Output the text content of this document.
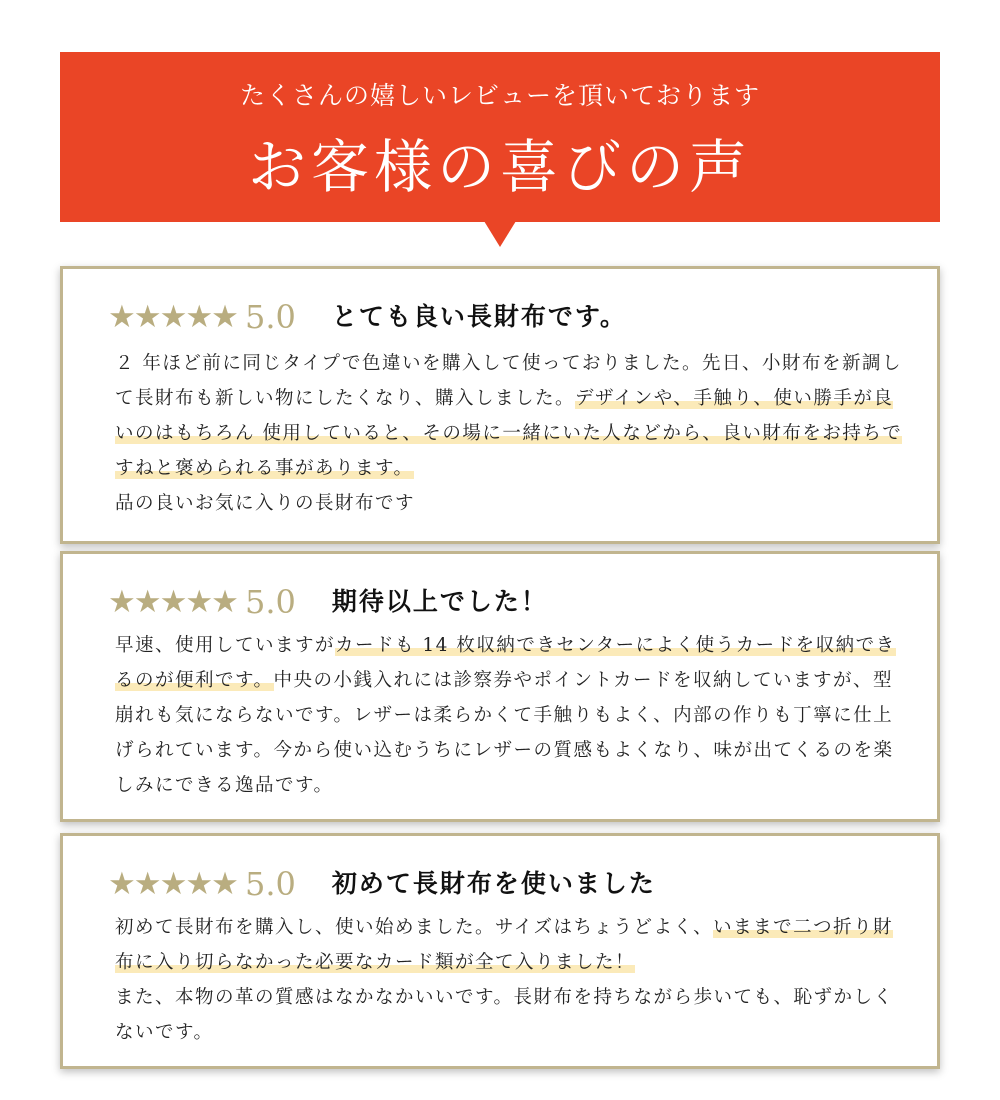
たくさんの嬉しいレビューを頂いております
お客様の喜びの声
★★★★★ 5.0 とても良い長財布です。

２ 年ほど前に同じタイプで色違いを購入して使っておりました。先日、小財布を新調して長財布も新しい物にしたくなり、購入しました。デザインや、手触り、使い勝手が良いのはもちろん 使用していると、その場に一緒にいた人などから、良い財布をお持ちですねと褒められる事があります。

品の良いお気に入りの長財布です

★★★★★ 5.0 期待以上でした！

早速、使用していますがカードも 14 枚収納できセンターによく使うカードを収納できるのが便利です。中央の小銭入れには診察券やポイントカードを収納していますが、型崩れも気にならないです。レザーは柔らかくて手触りもよく、内部の作りも丁寧に仕上げられています。今から使い込むうちにレザーの質感もよくなり、味が出てくるのを楽しみにできる逸品です。

★★★★★ 5.0 初めて長財布を使いました

初めて長財布を購入し、使い始めました。サイズはちょうどよく、いままで二つ折り財布に入り切らなかった必要なカード類が全て入りました！

また、本物の革の質感はなかなかいいです。長財布を持ちながら歩いても、恥ずかしくないです。
